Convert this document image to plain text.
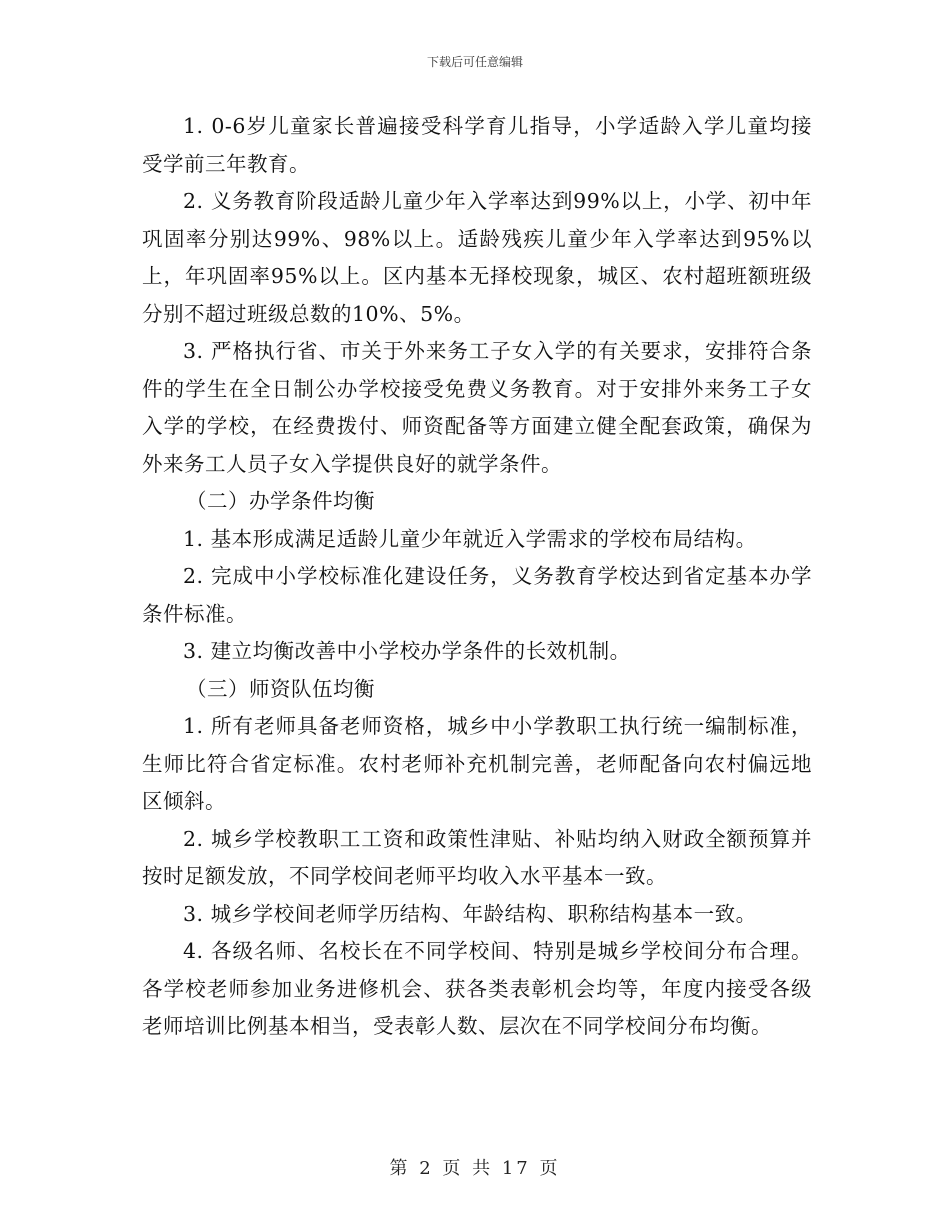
下载后可任意编辑

1. 0-6岁儿童家长普遍接受科学育儿指导，小学适龄入学儿童均接受学前三年教育。

2. 义务教育阶段适龄儿童少年入学率达到99%以上，小学、初中年巩固率分别达99%、98%以上。适龄残疾儿童少年入学率达到95%以上，年巩固率95%以上。区内基本无择校现象，城区、农村超班额班级分别不超过班级总数的10%、5%。

3. 严格执行省、市关于外来务工子女入学的有关要求，安排符合条件的学生在全日制公办学校接受免费义务教育。对于安排外来务工子女入学的学校，在经费拨付、师资配备等方面建立健全配套政策，确保为外来务工人员子女入学提供良好的就学条件。

（二）办学条件均衡

1. 基本形成满足适龄儿童少年就近入学需求的学校布局结构。

2. 完成中小学校标准化建设任务，义务教育学校达到省定基本办学条件标准。

3. 建立均衡改善中小学校办学条件的长效机制。

（三）师资队伍均衡

1. 所有老师具备老师资格，城乡中小学教职工执行统一编制标准，生师比符合省定标准。农村老师补充机制完善，老师配备向农村偏远地区倾斜。

2. 城乡学校教职工工资和政策性津贴、补贴均纳入财政全额预算并按时足额发放，不同学校间老师平均收入水平基本一致。

3. 城乡学校间老师学历结构、年龄结构、职称结构基本一致。

4. 各级名师、名校长在不同学校间、特别是城乡学校间分布合理。各学校老师参加业务进修机会、获各类表彰机会均等，年度内接受各级老师培训比例基本相当，受表彰人数、层次在不同学校间分布均衡。

第 2 页 共 17 页
